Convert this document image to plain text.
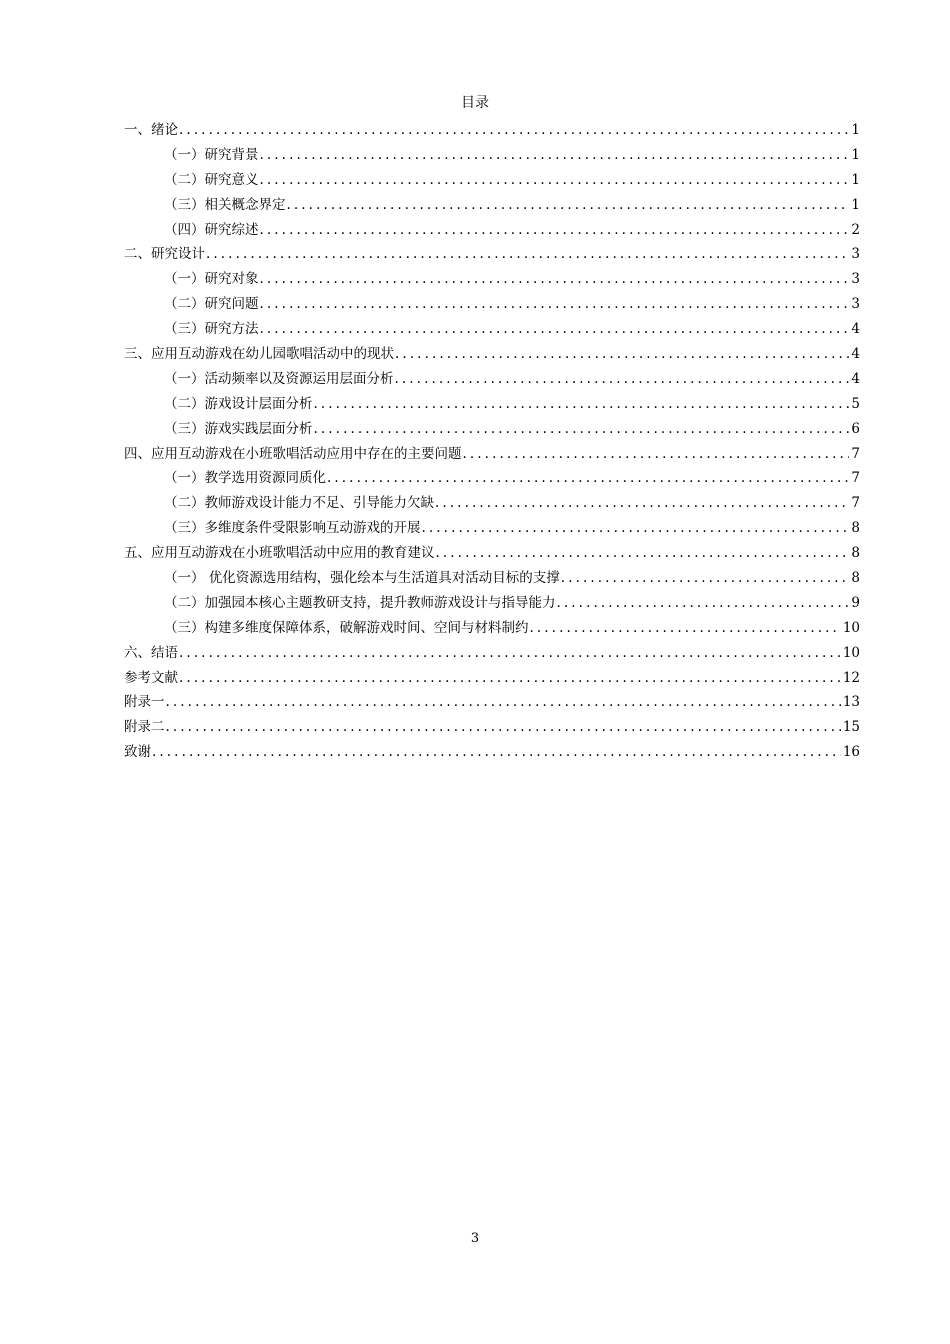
目录
一、绪论 .....	1
（一）研究背景 .....	1
（二）研究意义 .....	1
（三）相关概念界定 .....	1
（四）研究综述 .....	2
二、研究设计 .....	3
（一）研究对象 .....	3
（二）研究问题 .....	3
（三）研究方法 .....	4
三、应用互动游戏在幼儿园歌唱活动中的现状 .....	4
（一）活动频率以及资源运用层面分析 .....	4
（二）游戏设计层面分析 .....	5
（三）游戏实践层面分析 .....	6
四、应用互动游戏在小班歌唱活动应用中存在的主要问题 .....	7
（一）教学选用资源同质化 .....	7
（二）教师游戏设计能力不足、引导能力欠缺 .....	7
（三）多维度条件受限影响互动游戏的开展 .....	8
五、应用互动游戏在小班歌唱活动中应用的教育建议 .....	8
（一） 优化资源选用结构，强化绘本与生活道具对活动目标的支撑 .....	8
（二）加强园本核心主题教研支持，提升教师游戏设计与指导能力 .....	9
（三）构建多维度保障体系，破解游戏时间、空间与材料制约 .....	10
六、结语 .....	10
参考文献 .....	12
附录一 .....	13
附录二 .....	15
致谢 .....	16
3
